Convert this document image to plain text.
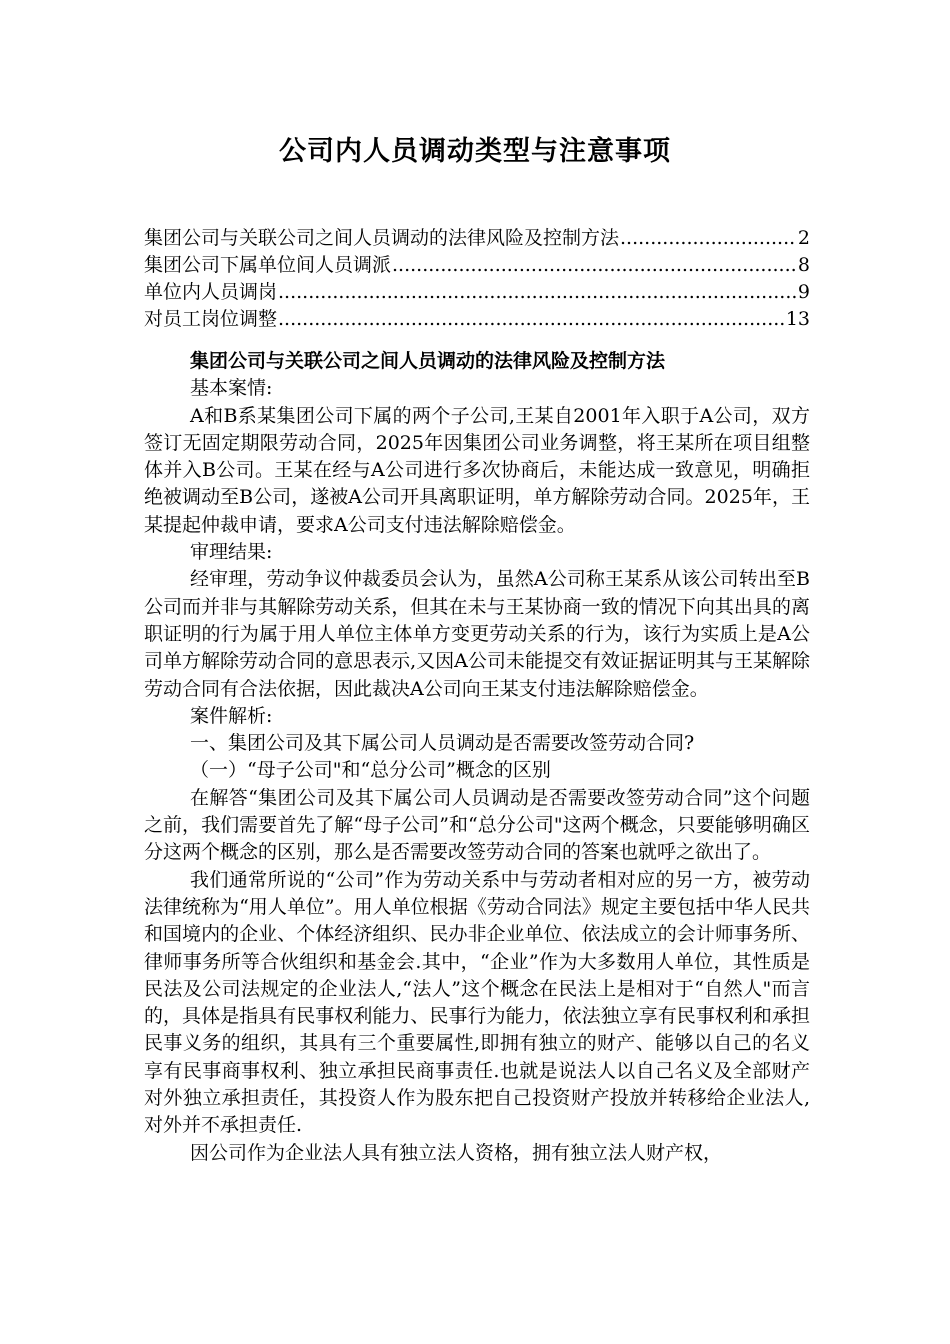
公司内人员调动类型与注意事项
集团公司与关联公司之间人员调动的法律风险及控制方法 .....	2
集团公司下属单位间人员调派 .....	8
单位内人员调岗 .....	9
对员工岗位调整 .....	13
集团公司与关联公司之间人员调动的法律风险及控制方法

基本案情:

A和B系某集团公司下属的两个子公司,王某自2001年入职于A公司，双方签订无固定期限劳动合同，2025年因集团公司业务调整，将王某所在项目组整体并入B公司。王某在经与A公司进行多次协商后，未能达成一致意见，明确拒绝被调动至B公司，遂被A公司开具离职证明，单方解除劳动合同。2025年，王某提起仲裁申请，要求A公司支付违法解除赔偿金。

审理结果:

经审理，劳动争议仲裁委员会认为，虽然A公司称王某系从该公司转出至B公司而并非与其解除劳动关系，但其在未与王某协商一致的情况下向其出具的离职证明的行为属于用人单位主体单方变更劳动关系的行为，该行为实质上是A公司单方解除劳动合同的意思表示,又因A公司未能提交有效证据证明其与王某解除劳动合同有合法依据，因此裁决A公司向王某支付违法解除赔偿金。

案件解析:

一、集团公司及其下属公司人员调动是否需要改签劳动合同?

（一）“母子公司"和“总分公司”概念的区别

在解答“集团公司及其下属公司人员调动是否需要改签劳动合同”这个问题之前，我们需要首先了解“母子公司”和“总分公司"这两个概念，只要能够明确区分这两个概念的区别，那么是否需要改签劳动合同的答案也就呼之欲出了。

我们通常所说的“公司”作为劳动关系中与劳动者相对应的另一方，被劳动法律统称为“用人单位”。用人单位根据《劳动合同法》规定主要包括中华人民共和国境内的企业、个体经济组织、民办非企业单位、依法成立的会计师事务所、律师事务所等合伙组织和基金会.其中，“企业”作为大多数用人单位，其性质是民法及公司法规定的企业法人,“法人”这个概念在民法上是相对于“自然人"而言的，具体是指具有民事权利能力、民事行为能力，依法独立享有民事权利和承担民事义务的组织，其具有三个重要属性,即拥有独立的财产、能够以自己的名义享有民事商事权利、独立承担民商事责任.也就是说法人以自己名义及全部财产对外独立承担责任，其投资人作为股东把自己投资财产投放并转移给企业法人,对外并不承担责任.

因公司作为企业法人具有独立法人资格，拥有独立法人财产权，
